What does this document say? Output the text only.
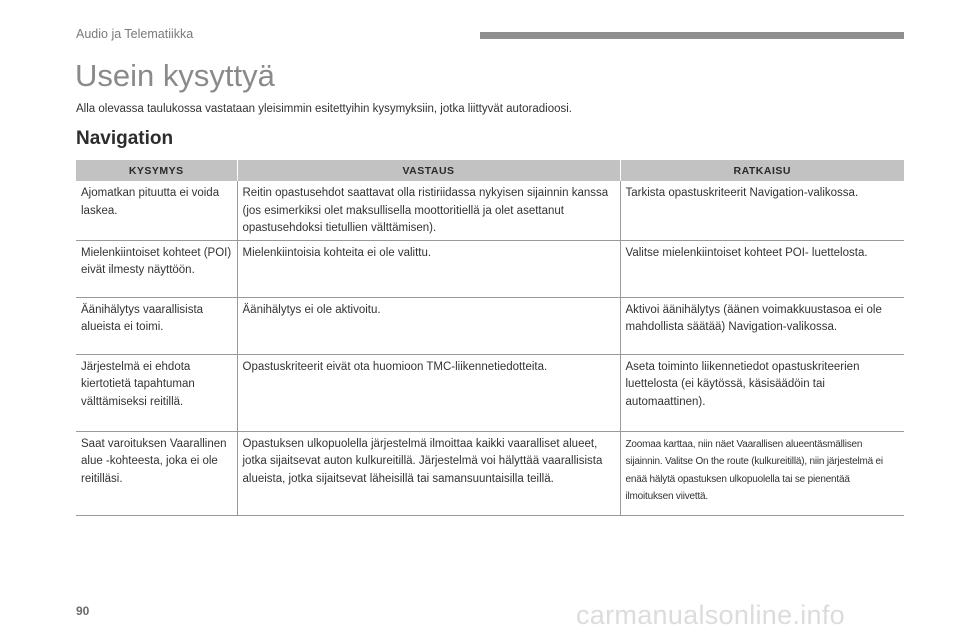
Audio ja Telematiikka
Usein kysyttyä
Alla olevassa taulukossa vastataan yleisimmin esitettyihin kysymyksiin, jotka liittyvät autoradioosi.
Navigation
KYSYMYS	VASTAUS	RATKAISU
Ajomatkan pituutta ei voida laskea.	Reitin opastusehdot saattavat olla ristiriidassa nykyisen sijainnin kanssa (jos esimerkiksi olet maksullisella moottoritiellä ja olet asettanut opastusehdoksi tietullien välttämisen).	Tarkista opastuskriteerit Navigation-valikossa.
Mielenkiintoiset kohteet (POI) eivät ilmesty näyttöön.	Mielenkiintoisia kohteita ei ole valittu.	Valitse mielenkiintoiset kohteet POI- luettelosta.
Äänihälytys vaarallisista alueista ei toimi.	Äänihälytys ei ole aktivoitu.	Aktivoi äänihälytys (äänen voimakkuustasoa ei ole mahdollista säätää) Navigation-valikossa.
Järjestelmä ei ehdota kiertotietä tapahtuman välttämiseksi reitillä.	Opastuskriteerit eivät ota huomioon TMC-liikennetiedotteita.	Aseta toiminto liikennetiedot opastuskriteerien luettelosta (ei käytössä, käsisäädöin tai automaattinen).
Saat varoituksen Vaarallinen alue -kohteesta, joka ei ole reitilläsi.	Opastuksen ulkopuolella järjestelmä ilmoittaa kaikki vaaralliset alueet, jotka sijaitsevat auton kulkureitillä. Järjestelmä voi hälyttää vaarallisista alueista, jotka sijaitsevat läheisillä tai samansuuntaisilla teillä.	Zoomaa karttaa, niin näet Vaarallisen alueentäsmällisen sijainnin. Valitse On the route (kulkureitillä), niin järjestelmä ei enää hälytä opastuksen ulkopuolella tai se pienentää ilmoituksen viivettä.
90	carmanualsonline.info
